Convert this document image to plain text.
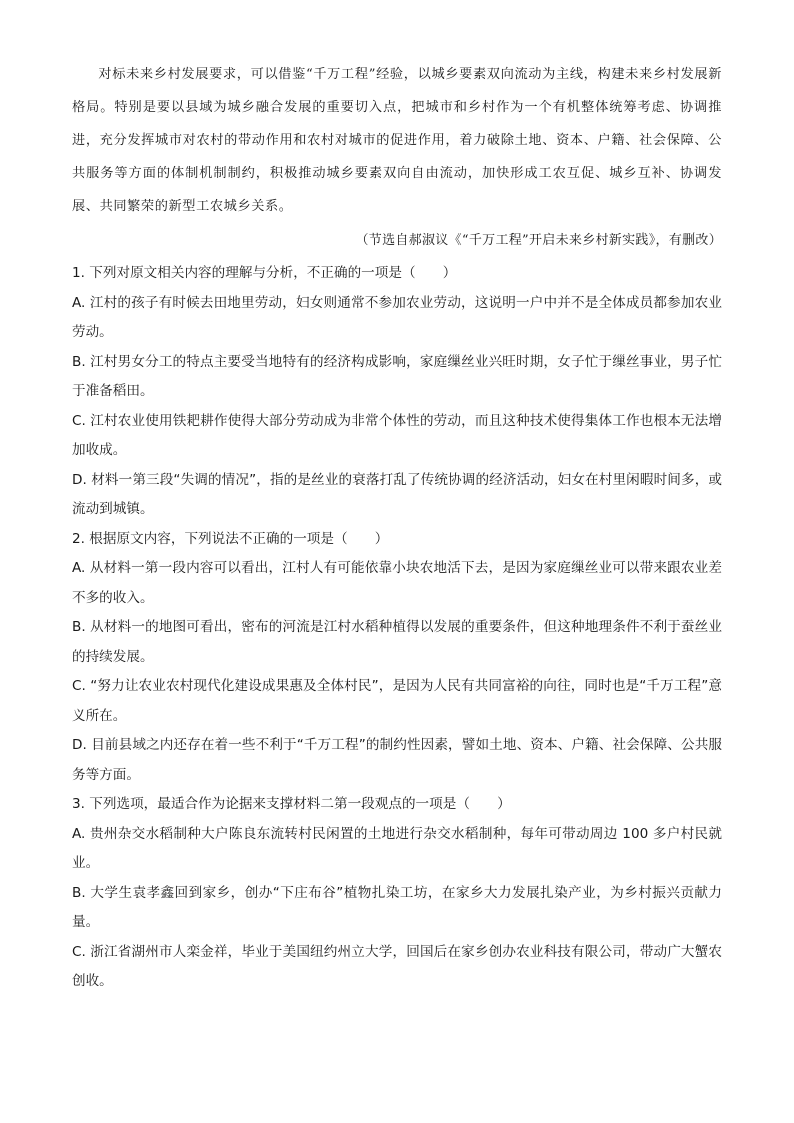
对标未来乡村发展要求，可以借鉴“千万工程”经验，以城乡要素双向流动为主线，构建未来乡村发展新格局。特别是要以县域为城乡融合发展的重要切入点，把城市和乡村作为一个有机整体统筹考虑、协调推进，充分发挥城市对农村的带动作用和农村对城市的促进作用，着力破除土地、资本、户籍、社会保障、公共服务等方面的体制机制制约，积极推动城乡要素双向自由流动，加快形成工农互促、城乡互补、协调发展、共同繁荣的新型工农城乡关系。

（节选自郝淑议《“千万工程”开启未来乡村新实践》，有删改）

1. 下列对原文相关内容的理解与分析，不正确的一项是（　　）

A. 江村的孩子有时候去田地里劳动，妇女则通常不参加农业劳动，这说明一户中并不是全体成员都参加农业劳动。

B. 江村男女分工的特点主要受当地特有的经济构成影响，家庭缫丝业兴旺时期，女子忙于缫丝事业，男子忙于准备稻田。

C. 江村农业使用铁耙耕作使得大部分劳动成为非常个体性的劳动，而且这种技术使得集体工作也根本无法增加收成。

D. 材料一第三段“失调的情况”，指的是丝业的衰落打乱了传统协调的经济活动，妇女在村里闲暇时间多，或流动到城镇。

2. 根据原文内容，下列说法不正确的一项是（　　）

A. 从材料一第一段内容可以看出，江村人有可能依靠小块农地活下去，是因为家庭缫丝业可以带来跟农业差不多的收入。

B. 从材料一的地图可看出，密布的河流是江村水稻种植得以发展的重要条件，但这种地理条件不利于蚕丝业的持续发展。

C. “努力让农业农村现代化建设成果惠及全体村民”，是因为人民有共同富裕的向往，同时也是“千万工程”意义所在。

D. 目前县域之内还存在着一些不利于“千万工程”的制约性因素，譬如土地、资本、户籍、社会保障、公共服务等方面。

3. 下列选项，最适合作为论据来支撑材料二第一段观点的一项是（　　）

A. 贵州杂交水稻制种大户陈良东流转村民闲置的土地进行杂交水稻制种，每年可带动周边 100 多户村民就业。

B. 大学生袁孝鑫回到家乡，创办“下庄布谷”植物扎染工坊，在家乡大力发展扎染产业，为乡村振兴贡献力量。

C. 浙江省湖州市人栾金祥，毕业于美国纽约州立大学，回国后在家乡创办农业科技有限公司，带动广大蟹农创收。
